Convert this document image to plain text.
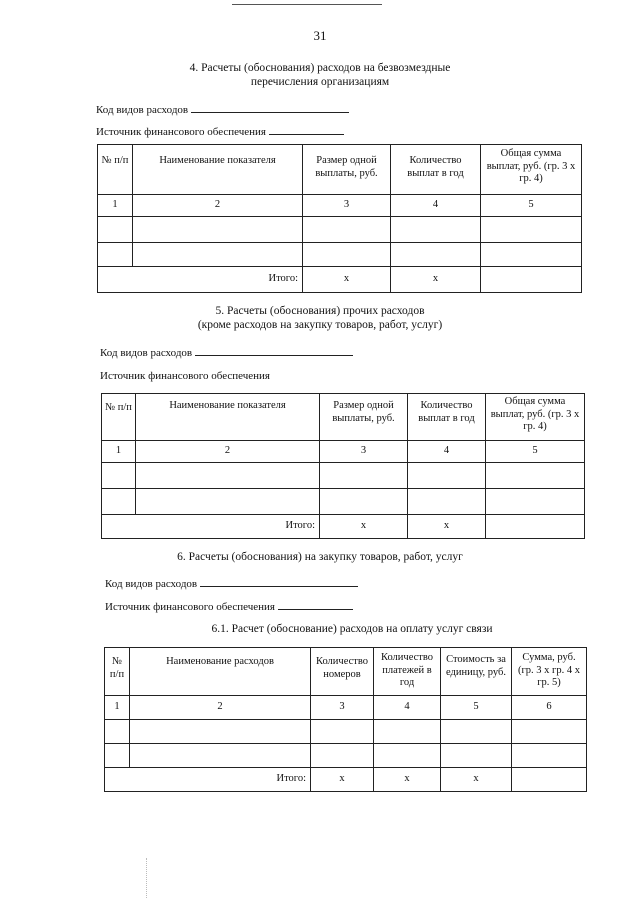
31
4. Расчеты (обоснования) расходов на безвозмездные
перечисления организациям
Код видов расходов
Источник финансового обеспечения
№ п/п	Наименование показателя	Размер одной выплаты, руб.	Количество выплат в год	Общая сумма выплат, руб. (гр. 3 х гр. 4)
1	2	3	4	5

Итого:		x	x	
5. Расчеты (обоснования) прочих расходов
(кроме расходов на закупку товаров, работ, услуг)
Код видов расходов
Источник финансового обеспечения
№ п/п	Наименование показателя	Размер одной выплаты, руб.	Количество выплат в год	Общая сумма выплат, руб. (гр. 3 х гр. 4)
1	2	3	4	5

Итого:		x	x	
6. Расчеты (обоснования) на закупку товаров, работ, услуг
Код видов расходов
Источник финансового обеспечения
6.1. Расчет (обоснование) расходов на оплату услуг связи
№ п/п	Наименование расходов	Количество номеров	Количество платежей в год	Стоимость за единицу, руб.	Сумма, руб. (гр. 3 х гр. 4 х гр. 5)
1	2	3	4	5	6

Итого:		x	x	x	
